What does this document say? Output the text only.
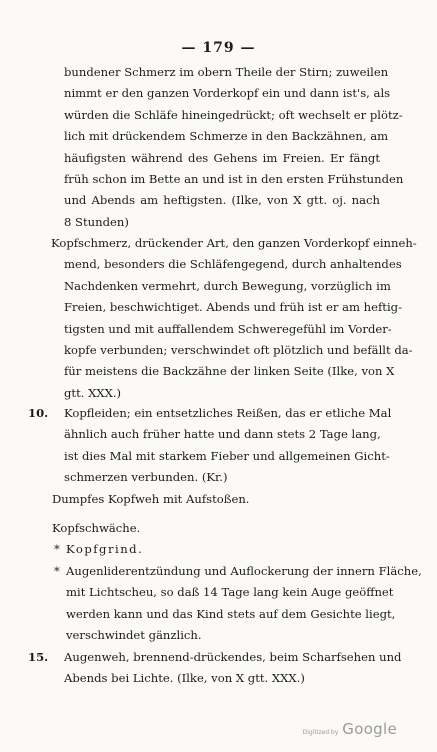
— 179 —
bundener Schmerz im obern Theile der Stirn; zuweilen
nimmt er den ganzen Vorderkopf ein und dann ist's, als
würden die Schläfe hineingedrückt; oft wechselt er plötz-
lich mit drückendem Schmerze in den Backzähnen, am
häufigsten während des Gehens im Freien. Er fängt
früh schon im Bette an und ist in den ersten Frühstunden
und Abends am heftigsten. (Ilke, von X gtt. oj. nach
8 Stunden)
Kopfschmerz, drückender Art, den ganzen Vorderkopf einneh-
mend, besonders die Schläfengegend, durch anhaltendes
Nachdenken vermehrt, durch Bewegung, vorzüglich im
Freien, beschwichtiget. Abends und früh ist er am heftig-
tigsten und mit auffallendem Schweregefühl im Vorder-
kopfe verbunden; verschwindet oft plötzlich und befällt da-
für meistens die Backzähne der linken Seite (Ilke, von X
gtt. XXX.)
10. Kopfleiden; ein entsetzliches Reißen, das er etliche Mal
ähnlich auch früher hatte und dann stets 2 Tage lang,
ist dies Mal mit starkem Fieber und allgemeinen Gicht-
schmerzen verbunden. (Kr.)
Dumpfes Kopfweh mit Aufstoßen.
Kopfschwäche.
* Kopfgrind.
* Augenliderentzündung und Auflockerung der innern Fläche,
mit Lichtscheu, so daß 14 Tage lang kein Auge geöffnet
werden kann und das Kind stets auf dem Gesichte liegt,
verschwindet gänzlich.
15. Augenweh, brennend-drückendes, beim Scharfsehen und
Abends bei Lichte. (Ilke, von X gtt. XXX.)
Digitized by Google
